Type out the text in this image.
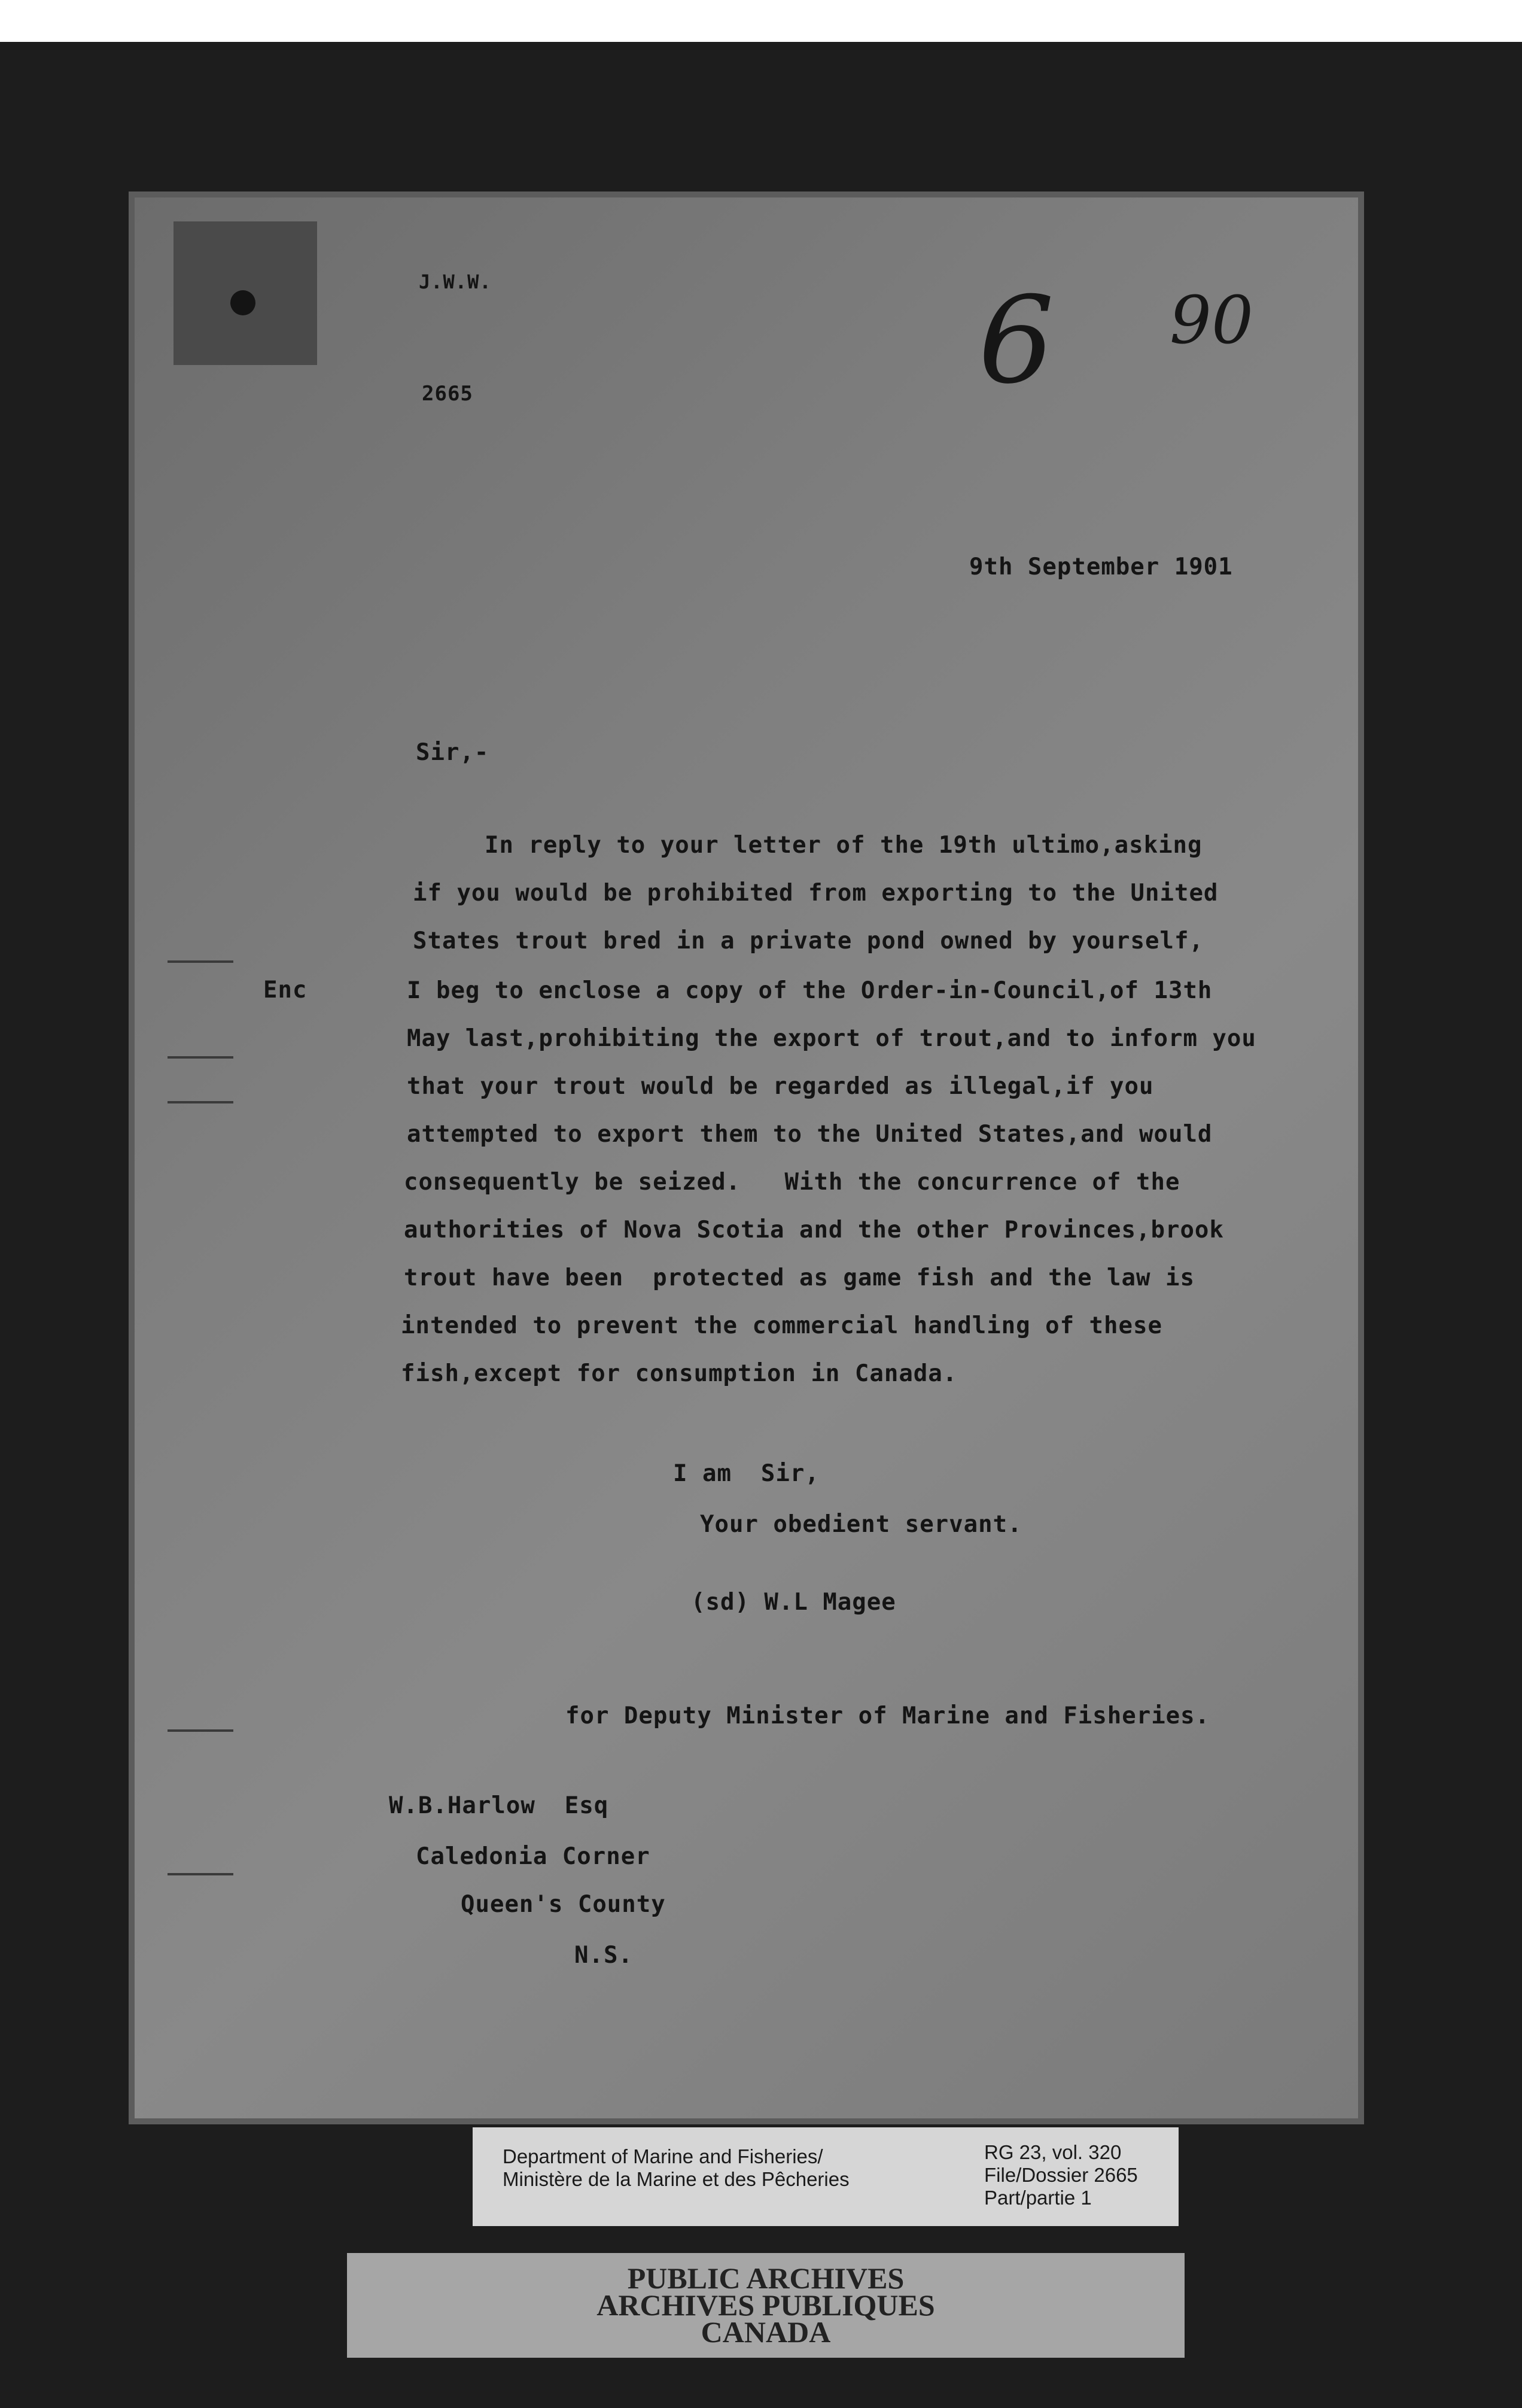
J.W.W.
2665	6 90
9th September 1901
Sir,-
Enc
In reply to your letter of the 19th ultimo,asking
if you would be prohibited from exporting to the United
States trout bred in a private pond owned by yourself,
I beg to enclose a copy of the Order-in-Council,of 13th
May last,prohibiting the export of trout,and to inform you
that your trout would be regarded as illegal,if you
attempted to export them to the United States,and would
consequently be seized.   With the concurrence of the
authorities of Nova Scotia and the other Provinces,brook
trout have been  protected as game fish and the law is
intended to prevent the commercial handling of these
fish,except for consumption in Canada.
I am  Sir,
Your obedient servant.
(sd) W.L Magee
for Deputy Minister of Marine and Fisheries.
W.B.Harlow  Esq
Caledonia Corner
Queen's County
N.S.
Department of Marine and Fisheries/
Ministère de la Marine et des Pêcheries
RG 23, vol. 320
File/Dossier 2665
Part/partie 1
PUBLIC ARCHIVES
ARCHIVES PUBLIQUES
CANADA
